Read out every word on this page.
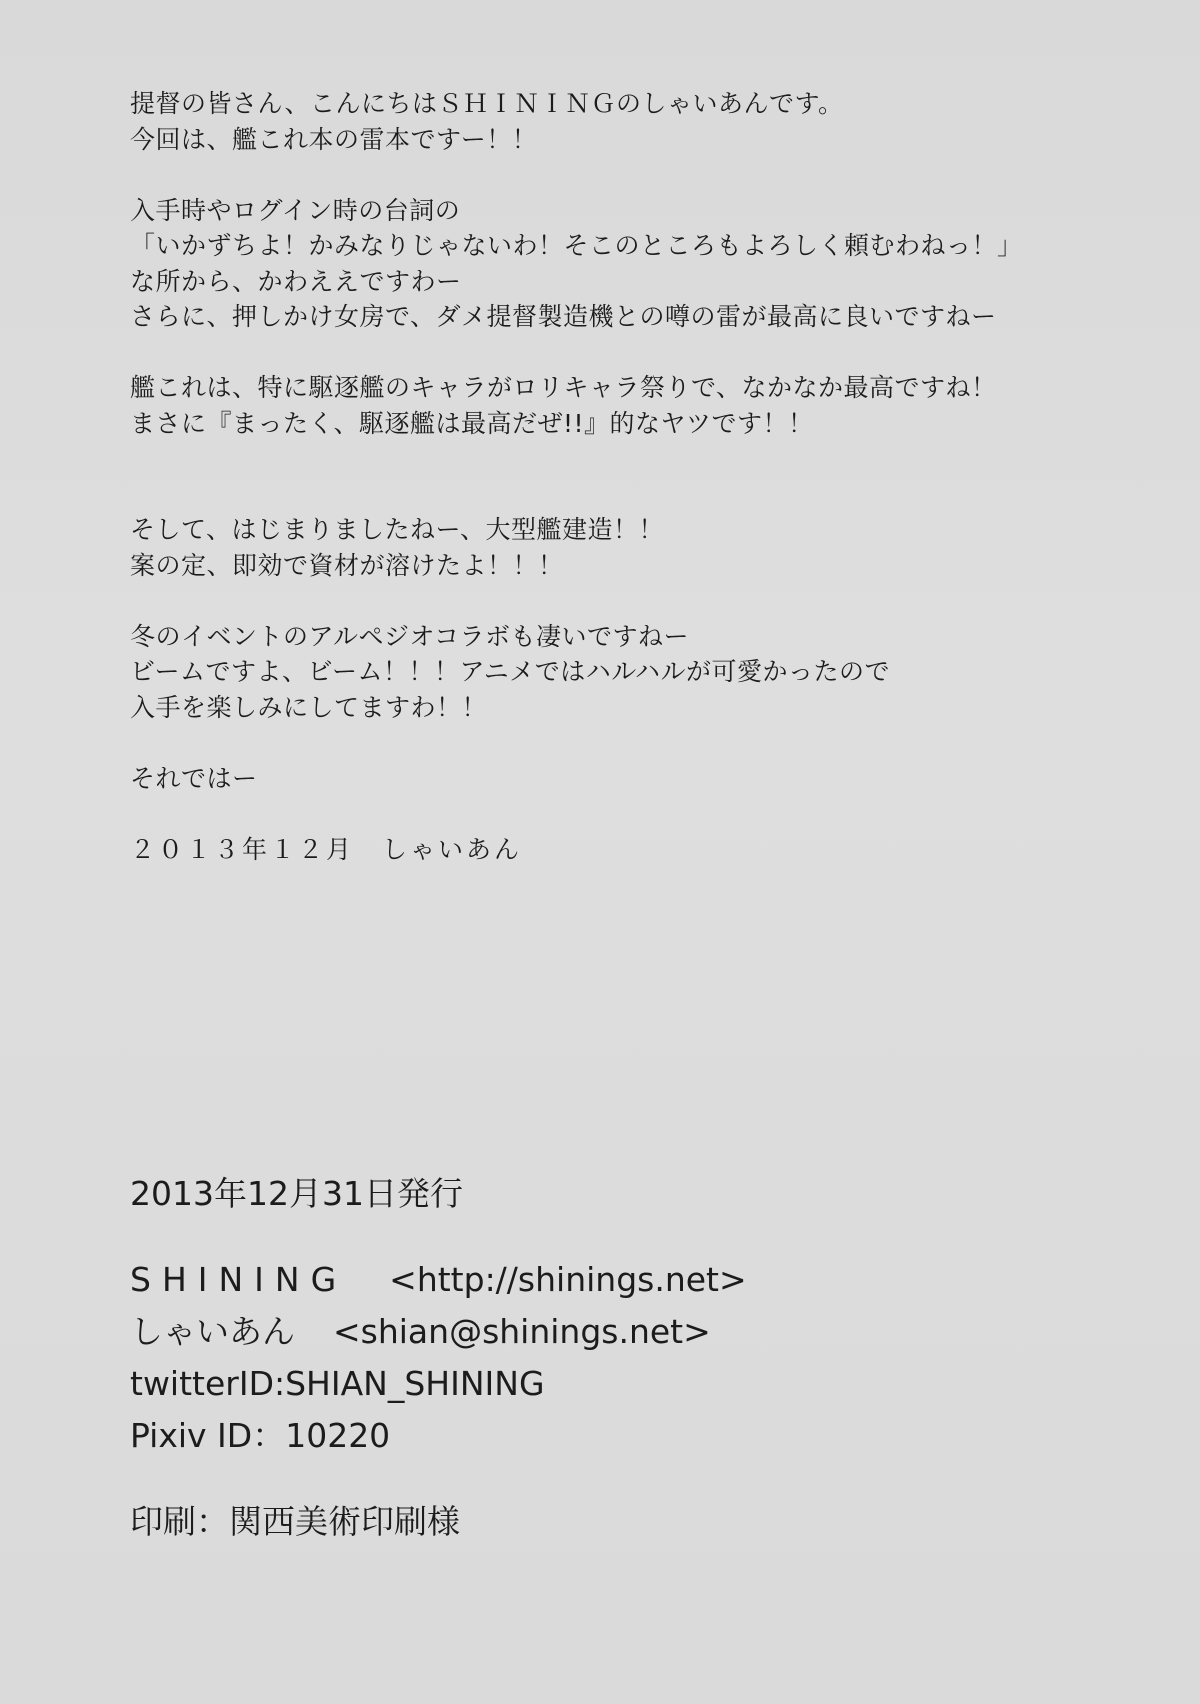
提督の皆さん、こんにちはＳＨＩＮＩＮＧのしゃいあんです。
今回は、艦これ本の雷本ですー！！
入手時やログイン時の台詞の
「いかずちよ！かみなりじゃないわ！そこのところもよろしく頼むわねっ！」
な所から、かわええですわー
さらに、押しかけ女房で、ダメ提督製造機との噂の雷が最高に良いですねー
艦これは、特に駆逐艦のキャラがロリキャラ祭りで、なかなか最高ですね！
まさに『まったく、駆逐艦は最高だぜ!!』的なヤツです！！
そして、はじまりましたねー、大型艦建造！！
案の定、即効で資材が溶けたよ！！！
冬のイベントのアルペジオコラボも凄いですねー
ビームですよ、ビーム！！！アニメではハルハルが可愛かったので
入手を楽しみにしてますわ！！
それではー
２０１３年１２月　しゃいあん
2013年12月31日発行
SHINING <http://shinings.net>
しゃいあん <shian@shinings.net>
twitterID:SHIAN_SHINING
Pixiv ID：10220
印刷：関西美術印刷様
